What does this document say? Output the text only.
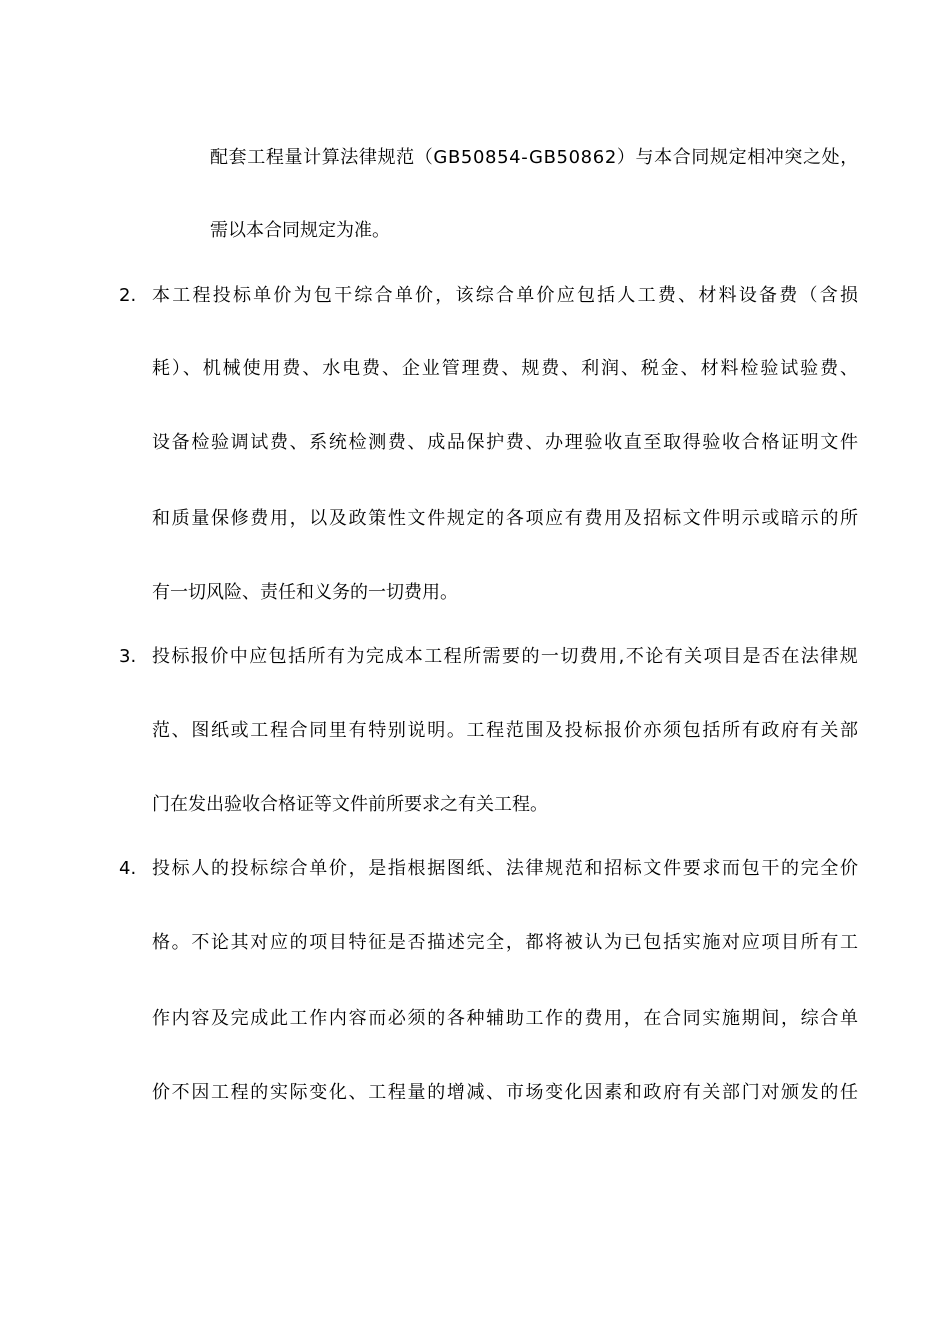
配套工程量计算法律规范（GB50854-GB50862）与本合同规定相冲突之处，
需以本合同规定为准。
2. 本工程投标单价为包干综合单价，该综合单价应包括人工费、材料设备费（含损
耗）、机械使用费、水电费、企业管理费、规费、利润、税金、材料检验试验费、
设备检验调试费、系统检测费、成品保护费、办理验收直至取得验收合格证明文件
和质量保修费用，以及政策性文件规定的各项应有费用及招标文件明示或暗示的所
有一切风险、责任和义务的一切费用。
3. 投标报价中应包括所有为完成本工程所需要的一切费用,不论有关项目是否在法律规
范、图纸或工程合同里有特别说明。工程范围及投标报价亦须包括所有政府有关部
门在发出验收合格证等文件前所要求之有关工程。
4. 投标人的投标综合单价，是指根据图纸、法律规范和招标文件要求而包干的完全价
格。不论其对应的项目特征是否描述完全，都将被认为已包括实施对应项目所有工
作内容及完成此工作内容而必须的各种辅助工作的费用，在合同实施期间，综合单
价不因工程的实际变化、工程量的增减、市场变化因素和政府有关部门对颁发的任
